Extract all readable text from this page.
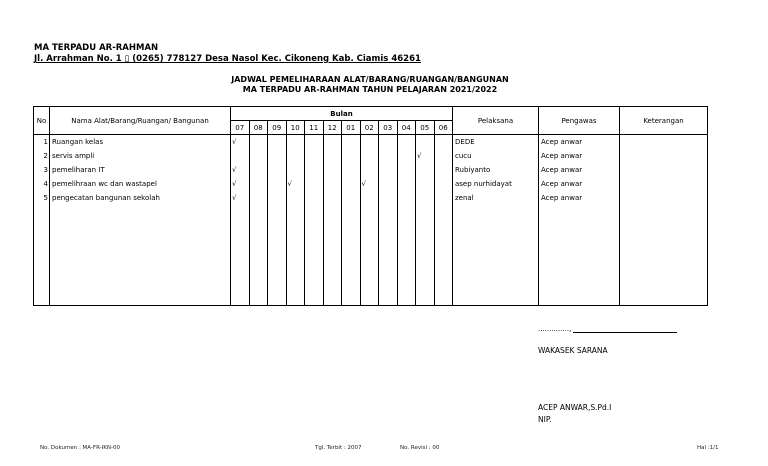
MA TERPADU AR-RAHMAN
Jl. Arrahman No. 1 ▯ (0265) 778127 Desa Nasol Kec. Cikoneng Kab. Ciamis 46261
JADWAL PEMELIHARAAN ALAT/BARANG/RUANGAN/BANGUNAN
MA TERPADU AR-RAHMAN TAHUN PELAJARAN 2021/2022
No	Nama Alat/Barang/Ruangan/ Bangunan	Bulan												Pelaksana	Pengawas	Keterangan
		07	08	09	10	11	12	01	02	03	04	05	06			
1	Ruangan kelas	√												DEDE	Acep anwar	
2	servis ampli											√		cucu	Acep anwar	
3	pemeliharan IT	√												Rubiyanto	Acep anwar	
4	pemelihraan wc dan wastapel	√			√				√					asep nurhidayat	Acep anwar	
5	pengecatan bangunan sekolah	√												zenal	Acep anwar	

..............,
WAKASEK SARANA
ACEP ANWAR,S.Pd.I
NIP.
No. Dokumen : MA-FR-IKN-00	Tgl. Terbit : 2007	No. Revisi : 00	Hal :1/1
